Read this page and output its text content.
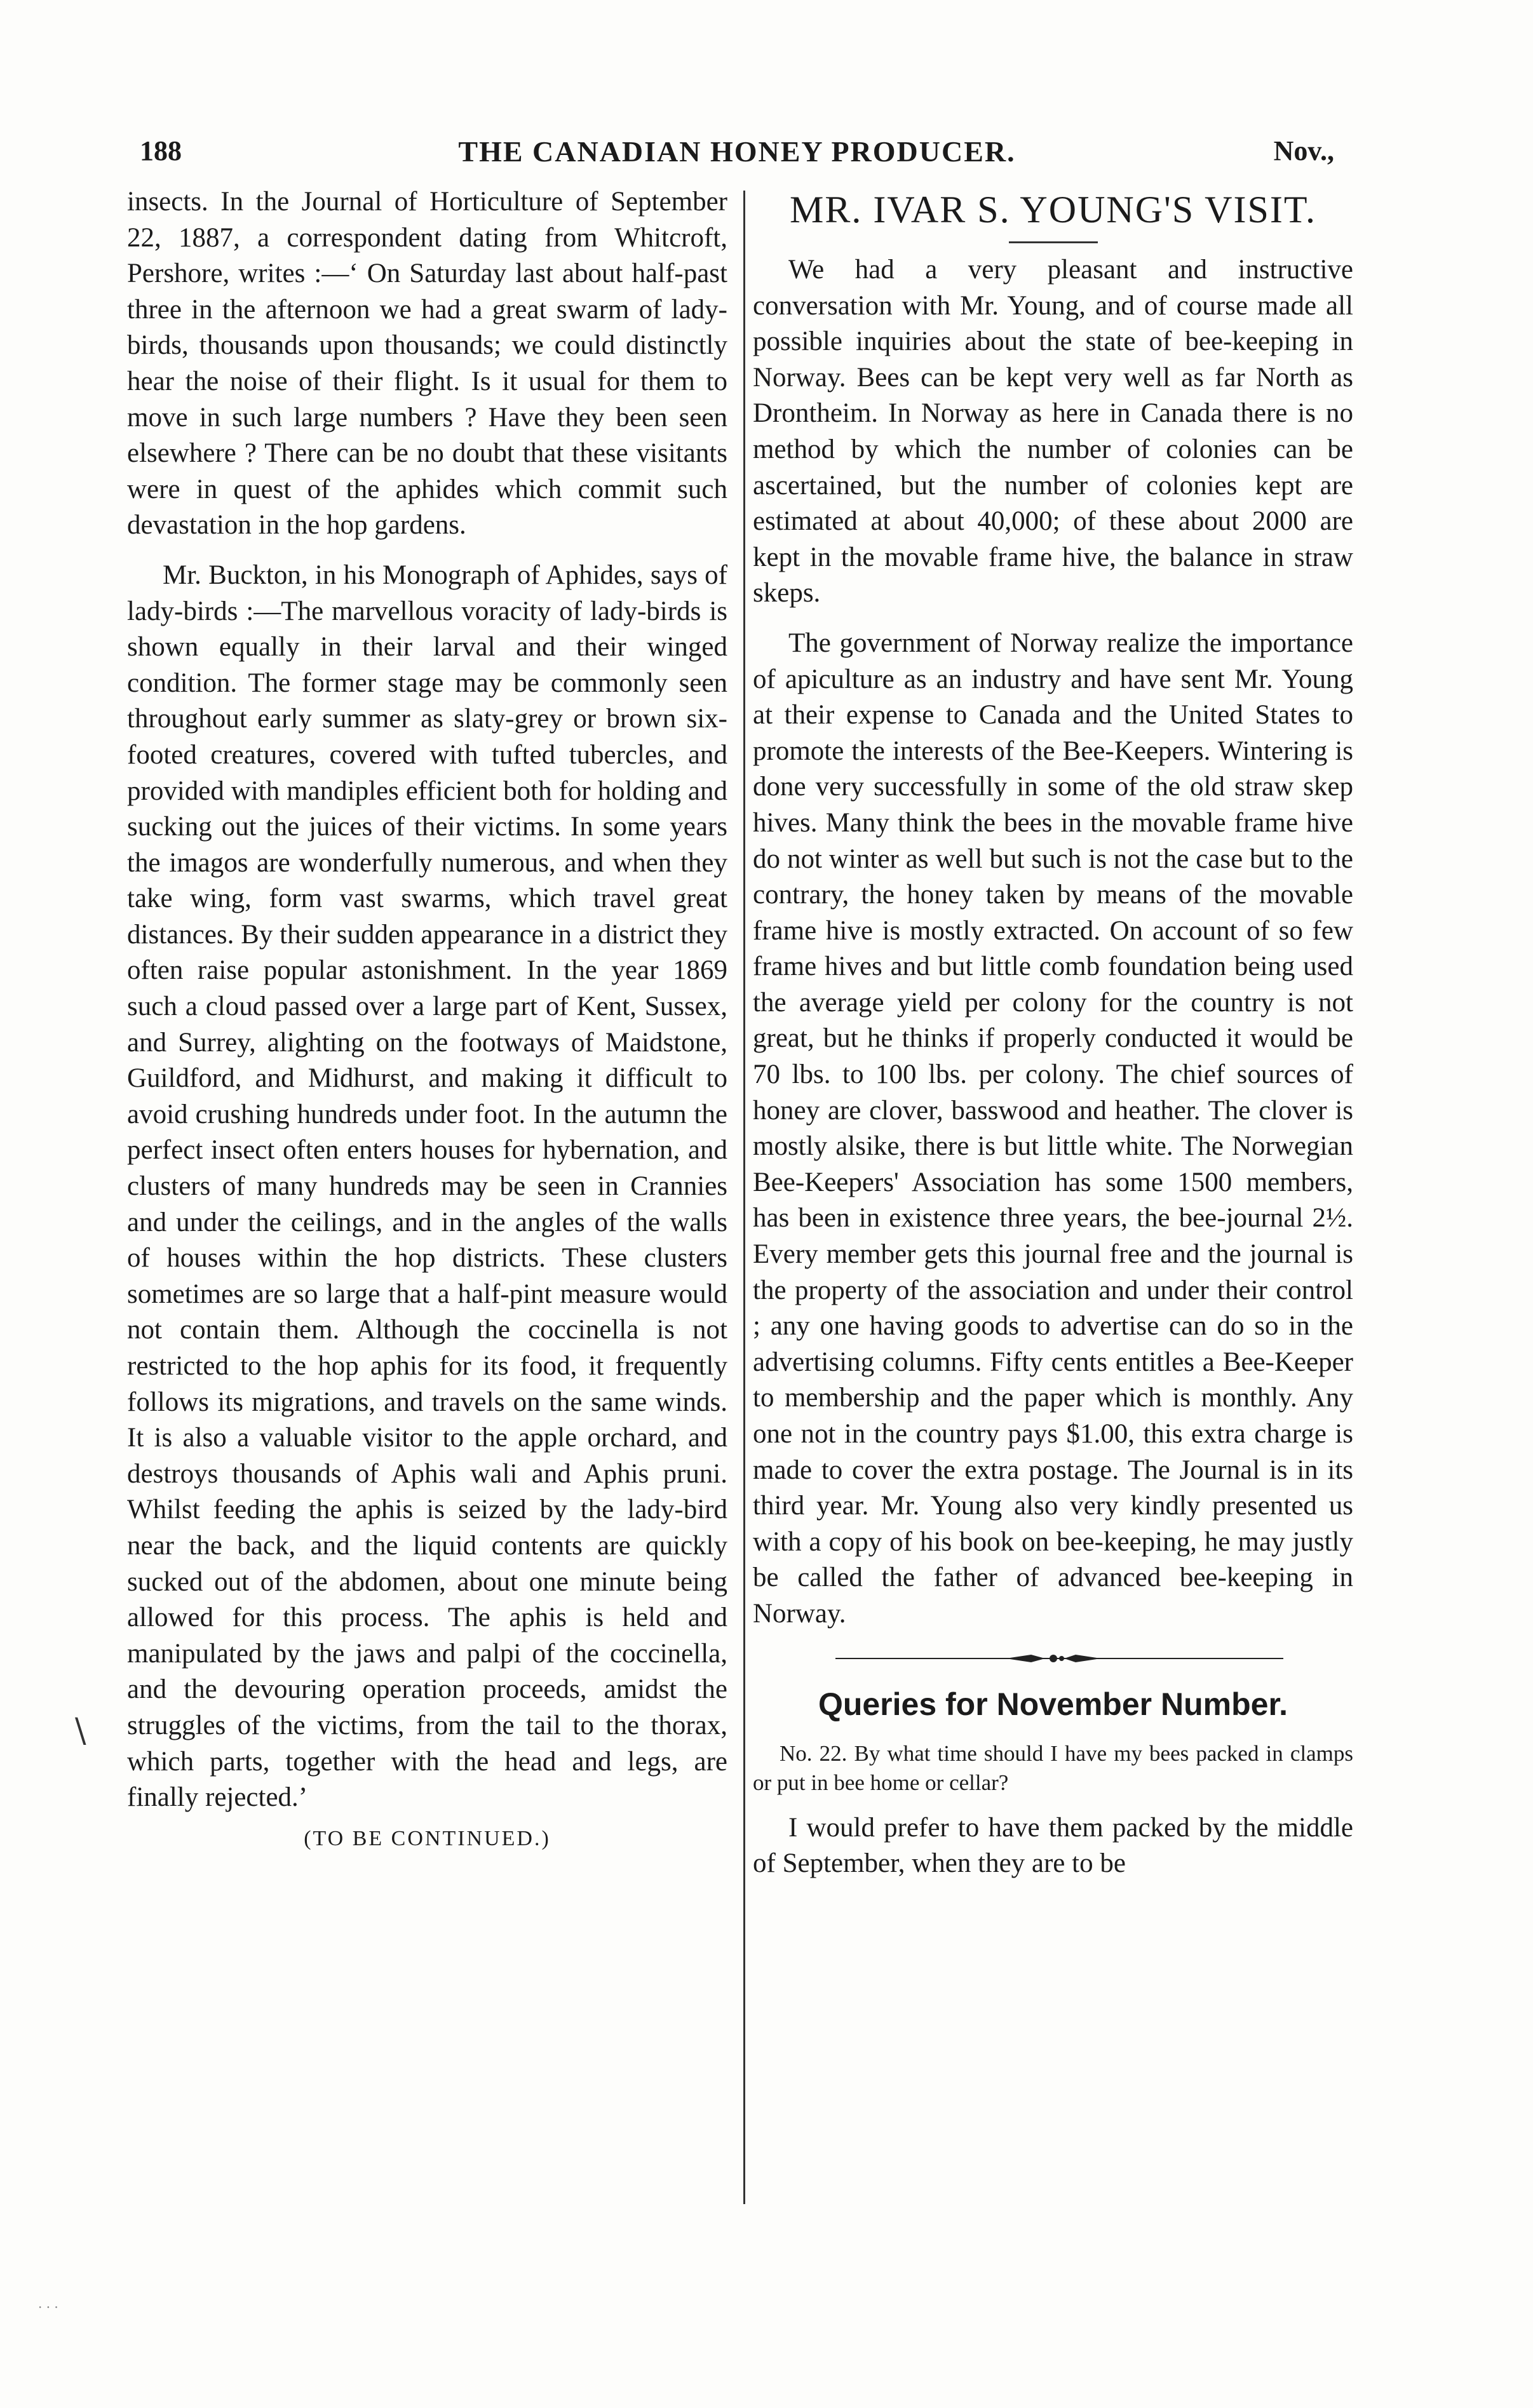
188	THE CANADIAN HONEY PRODUCER.	Nov.,

insects. In the Journal of Horticulture of September 22, 1887, a correspondent dating from Whitcroft, Pershore, writes :—‘ On Saturday last about half-past three in the afternoon we had a great swarm of lady-birds, thousands upon thousands; we could distinctly hear the noise of their flight. Is it usual for them to move in such large numbers ? Have they been seen elsewhere ? There can be no doubt that these visitants were in quest of the aphides which commit such devastation in the hop gardens.

Mr. Buckton, in his Monograph of Aphides, says of lady-birds :—The marvellous voracity of lady-birds is shown equally in their larval and their winged condition. The former stage may be commonly seen throughout early summer as slaty-grey or brown six-footed creatures, covered with tufted tubercles, and provided with mandiples efficient both for holding and sucking out the juices of their victims. In some years the imagos are wonderfully numerous, and when they take wing, form vast swarms, which travel great distances. By their sudden appearance in a district they often raise popular astonishment. In the year 1869 such a cloud passed over a large part of Kent, Sussex, and Surrey, alighting on the footways of Maidstone, Guildford, and Midhurst, and making it difficult to avoid crushing hundreds under foot. In the autumn the perfect insect often enters houses for hybernation, and clusters of many hundreds may be seen in Crannies and under the ceilings, and in the angles of the walls of houses within the hop districts. These clusters sometimes are so large that a half-pint measure would not contain them. Although the coccinella is not restricted to the hop aphis for its food, it frequently follows its migrations, and travels on the same winds. It is also a valuable visitor to the apple orchard, and destroys thousands of Aphis wali and Aphis pruni. Whilst feeding the aphis is seized by the lady-bird near the back, and the liquid contents are quickly sucked out of the abdomen, about one minute being allowed for this process. The aphis is held and manipulated by the jaws and palpi of the coccinella, and the devouring operation proceeds, amidst the struggles of the victims, from the tail to the thorax, which parts, together with the head and legs, are finally rejected.’

(TO BE CONTINUED.)

MR. IVAR S. YOUNG'S VISIT.

We had a very pleasant and instructive conversation with Mr. Young, and of course made all possible inquiries about the state of bee-keeping in Norway. Bees can be kept very well as far North as Drontheim. In Norway as here in Canada there is no method by which the number of colonies can be ascertained, but the number of colonies kept are estimated at about 40,000; of these about 2000 are kept in the movable frame hive, the balance in straw skeps.

The government of Norway realize the importance of apiculture as an industry and have sent Mr. Young at their expense to Canada and the United States to promote the interests of the Bee-Keepers. Wintering is done very successfully in some of the old straw skep hives. Many think the bees in the movable frame hive do not winter as well but such is not the case but to the contrary, the honey taken by means of the movable frame hive is mostly extracted. On account of so few frame hives and but little comb foundation being used the average yield per colony for the country is not great, but he thinks if properly conducted it would be 70 lbs. to 100 lbs. per colony. The chief sources of honey are clover, basswood and heather. The clover is mostly alsike, there is but little white. The Norwegian Bee-Keepers' Association has some 1500 members, has been in existence three years, the bee-journal 2½. Every member gets this journal free and the journal is the property of the association and under their control ; any one having goods to advertise can do so in the advertising columns. Fifty cents entitles a Bee-Keeper to membership and the paper which is monthly. Any one not in the country pays $1.00, this extra charge is made to cover the extra postage. The Journal is in its third year. Mr. Young also very kindly presented us with a copy of his book on bee-keeping, he may justly be called the father of advanced bee-keeping in Norway.

Queries for November Number.

No. 22. By what time should I have my bees packed in clamps or put in bee home or cellar?

I would prefer to have them packed by the middle of September, when they are to be

\
· · ·
